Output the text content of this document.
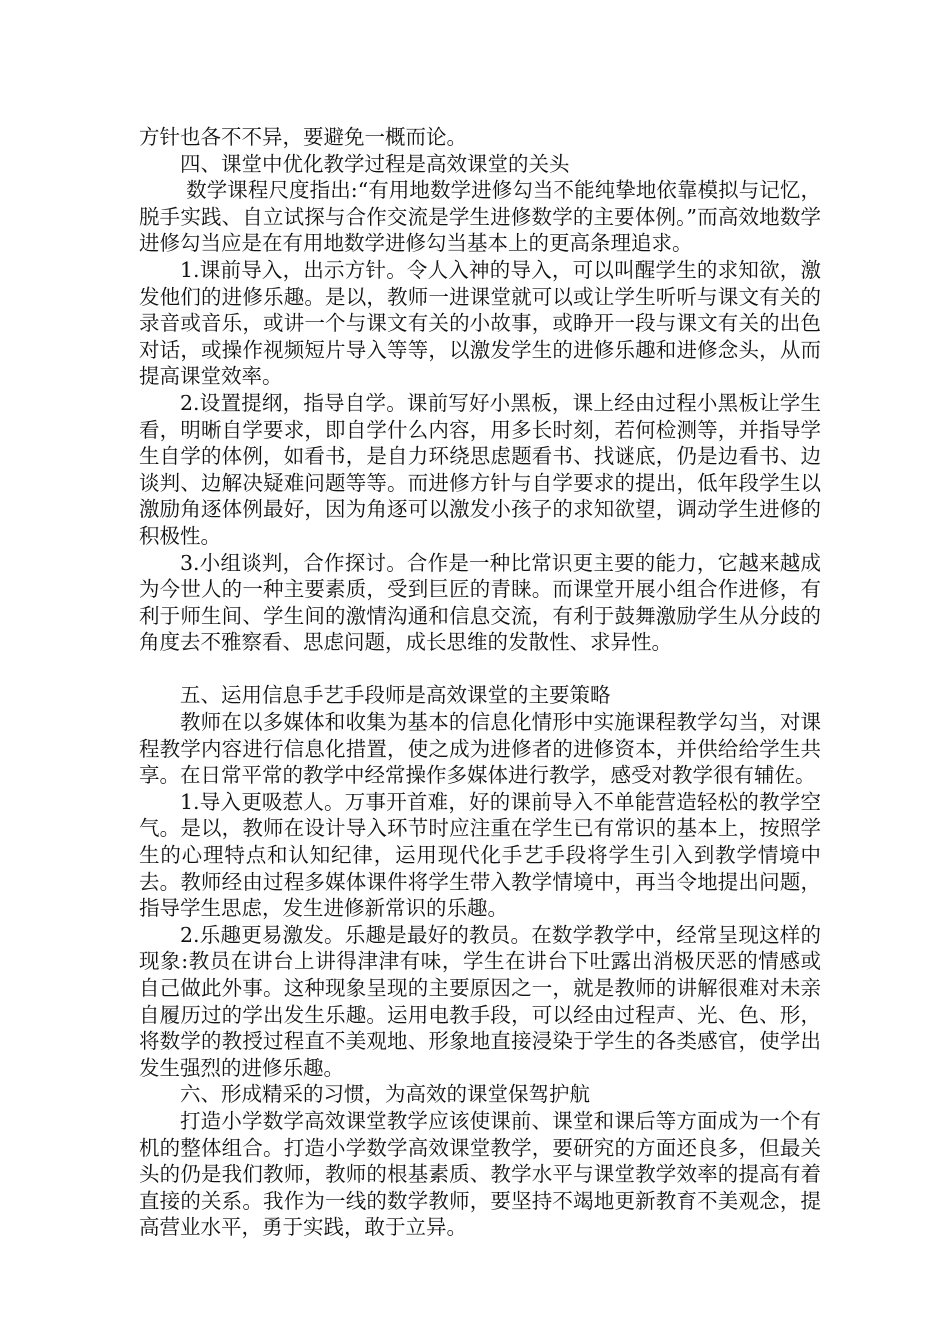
方针也各不不异，要避免一概而论。

四、课堂中优化教学过程是高效课堂的关头

数学课程尺度指出:“有用地数学进修勾当不能纯挚地依靠模拟与记忆，脱手实践、自立试探与合作交流是学生进修数学的主要体例。”而高效地数学进修勾当应是在有用地数学进修勾当基本上的更高条理追求。

1.课前导入，出示方针。令人入神的导入，可以叫醒学生的求知欲，激发他们的进修乐趣。是以，教师一进课堂就可以或让学生听听与课文有关的录音或音乐，或讲一个与课文有关的小故事，或睁开一段与课文有关的出色对话，或操作视频短片导入等等，以激发学生的进修乐趣和进修念头，从而提高课堂效率。

2.设置提纲，指导自学。课前写好小黑板，课上经由过程小黑板让学生看，明晰自学要求，即自学什么内容，用多长时刻，若何检测等，并指导学生自学的体例，如看书，是自力环绕思虑题看书、找谜底，仍是边看书、边谈判、边解决疑难问题等等。而进修方针与自学要求的提出，低年段学生以激励角逐体例最好，因为角逐可以激发小孩子的求知欲望，调动学生进修的积极性。

3.小组谈判，合作探讨。合作是一种比常识更主要的能力，它越来越成为今世人的一种主要素质，受到巨匠的青睐。而课堂开展小组合作进修，有利于师生间、学生间的激情沟通和信息交流，有利于鼓舞激励学生从分歧的角度去不雅察看、思虑问题，成长思维的发散性、求异性。

五、运用信息手艺手段师是高效课堂的主要策略

教师在以多媒体和收集为基本的信息化情形中实施课程教学勾当，对课程教学内容进行信息化措置，使之成为进修者的进修资本，并供给给学生共享。在日常平常的教学中经常操作多媒体进行教学，感受对教学很有辅佐。

1.导入更吸惹人。万事开首难，好的课前导入不单能营造轻松的教学空气。是以，教师在设计导入环节时应注重在学生已有常识的基本上，按照学生的心理特点和认知纪律，运用现代化手艺手段将学生引入到教学情境中去。教师经由过程多媒体课件将学生带入教学情境中，再当令地提出问题，指导学生思虑，发生进修新常识的乐趣。

2.乐趣更易激发。乐趣是最好的教员。在数学教学中，经常呈现这样的现象:教员在讲台上讲得津津有味，学生在讲台下吐露出消极厌恶的情感或自己做此外事。这种现象呈现的主要原因之一，就是教师的讲解很难对未亲自履历过的学出发生乐趣。运用电教手段，可以经由过程声、光、色、形，将数学的教授过程直不美观地、形象地直接浸染于学生的各类感官，使学出发生强烈的进修乐趣。

六、形成精采的习惯，为高效的课堂保驾护航

打造小学数学高效课堂教学应该使课前、课堂和课后等方面成为一个有机的整体组合。打造小学数学高效课堂教学，要研究的方面还良多，但最关头的仍是我们教师，教师的根基素质、教学水平与课堂教学效率的提高有着直接的关系。我作为一线的数学教师，要坚持不竭地更新教育不美观念，提高营业水平，勇于实践，敢于立异。
